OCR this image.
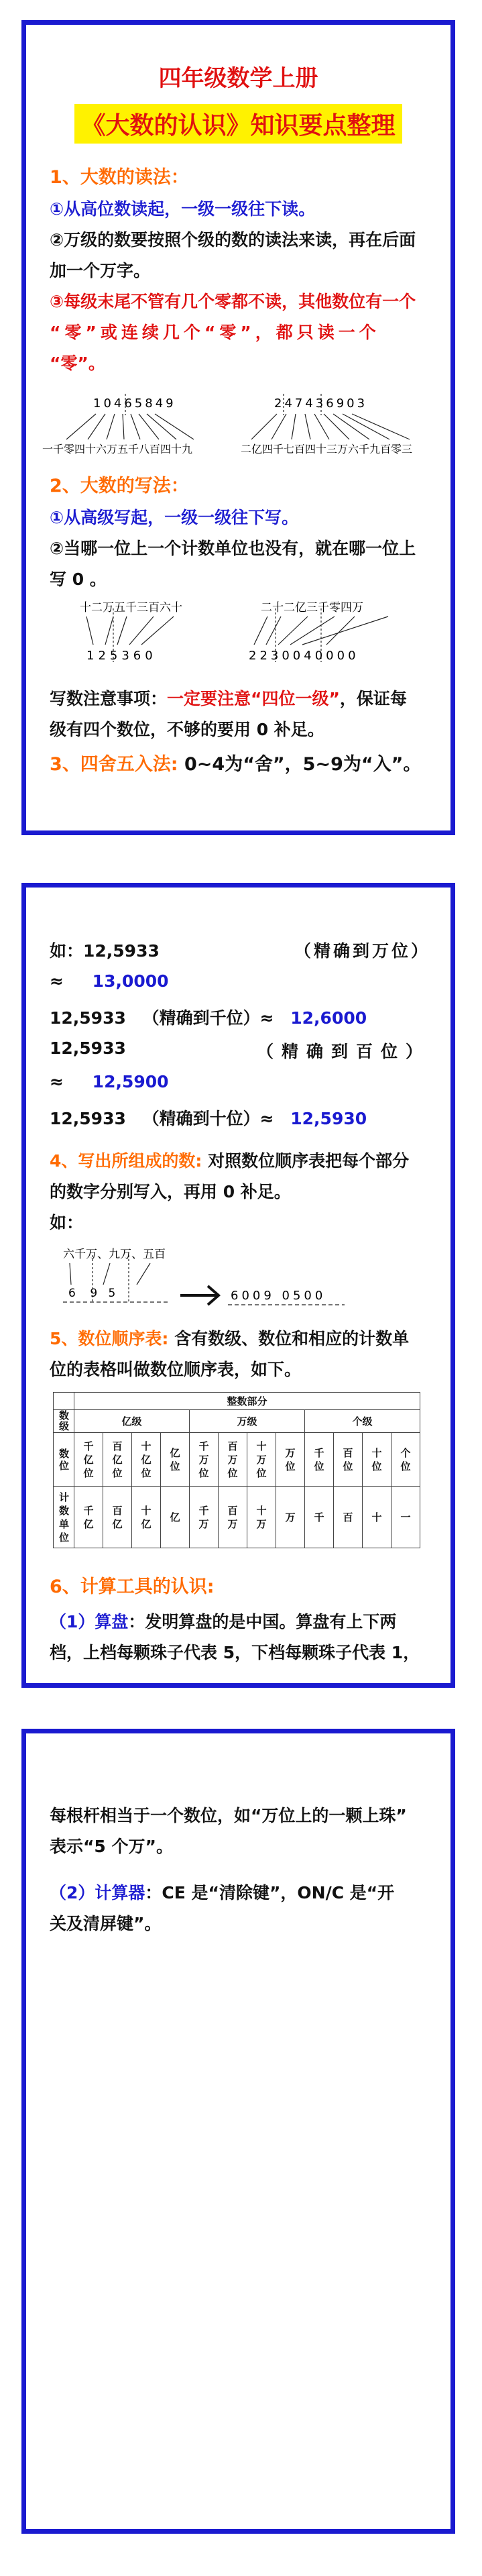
四年级数学上册
《大数的认识》知识要点整理
1、大数的读法：
①从高位数读起，一级一级往下读。
②万级的数要按照个级的数的读法来读，再在后面
加一个万字。
③每级末尾不管有几个零都不读，其他数位有一个
“零”或连续几个“零”，都只读一个
“零”。
10465849
一千零四十六万五千八百四十九
247436903
二亿四千七百四十三万六千九百零三
2、大数的写法：
①从高级写起，一级一级往下写。
②当哪一位上一个计数单位也没有，就在哪一位上
写 0 。
十二万五千三百六十
125360
二十二亿三千零四万
2230040000
写数注意事项：一定要注意“四位一级”，保证每
级有四个数位，不够的要用 0 补足。
3、四舍五入法: 0~4为“舍”，5~9为“入”。
如：12,5933	（精确到万位）
≈ 13,0000
12,5933 （精确到千位）≈ 12,6000
12,5933	（精确到百位）
≈ 12,5900
12,5933 （精确到十位）≈ 12,5930
4、写出所组成的数: 对照数位顺序表把每个部分
的数字分别写入，再用 0 补足。
如：
六千万、九万、五百
6    9   5	6009 0500
5、数位顺序表: 含有数级、数位和相应的计数单
位的表格叫做数位顺序表，如下。
	整数部分											
数级	亿级				万级				个级			
数位	千亿位	百亿位	十亿位	亿位	千万位	百万位	十万位	万位	千位	百位	十位	个位
计数单位	千亿	百亿	十亿	亿	千万	百万	十万	万	千	百	十	一
6、计算工具的认识:
（1）算盘：发明算盘的是中国。算盘有上下两
档，上档每颗珠子代表 5，下档每颗珠子代表 1，
每根杆相当于一个数位，如“万位上的一颗上珠”
表示“5 个万”。
（2）计算器：CE 是“清除键”，ON/C 是“开
关及清屏键”。
